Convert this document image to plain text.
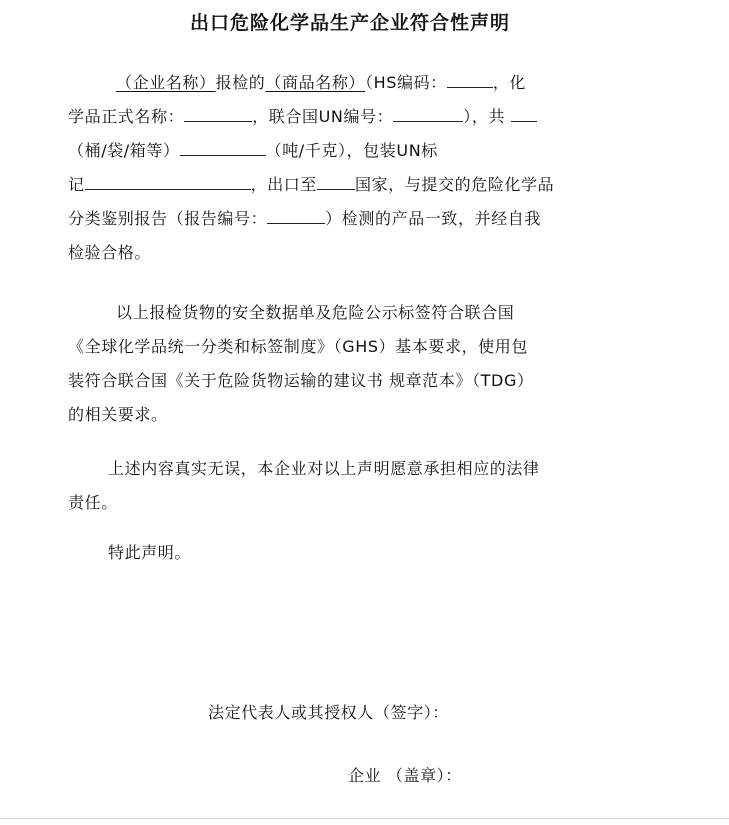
出口危险化学品生产企业符合性声明
（企业名称）报检的（商品名称）（HS编码：	，化
学品正式名称：	，联合国UN编号：	），共
（桶/袋/箱等）	（吨/千克），包装UN标
记	，出口至 国家，与提交的危险化学品
分类鉴别报告（报告编号：	）检测的产品一致，并经自我
检验合格。
以上报检货物的安全数据单及危险公示标签符合联合国
《全球化学品统一分类和标签制度》（GHS）基本要求，使用包
装符合联合国《关于危险货物运输的建议书 规章范本》（TDG）
的相关要求。
上述内容真实无误，本企业对以上声明愿意承担相应的法律
责任。
特此声明。
法定代表人或其授权人（签字）：
企业 （盖章）：
